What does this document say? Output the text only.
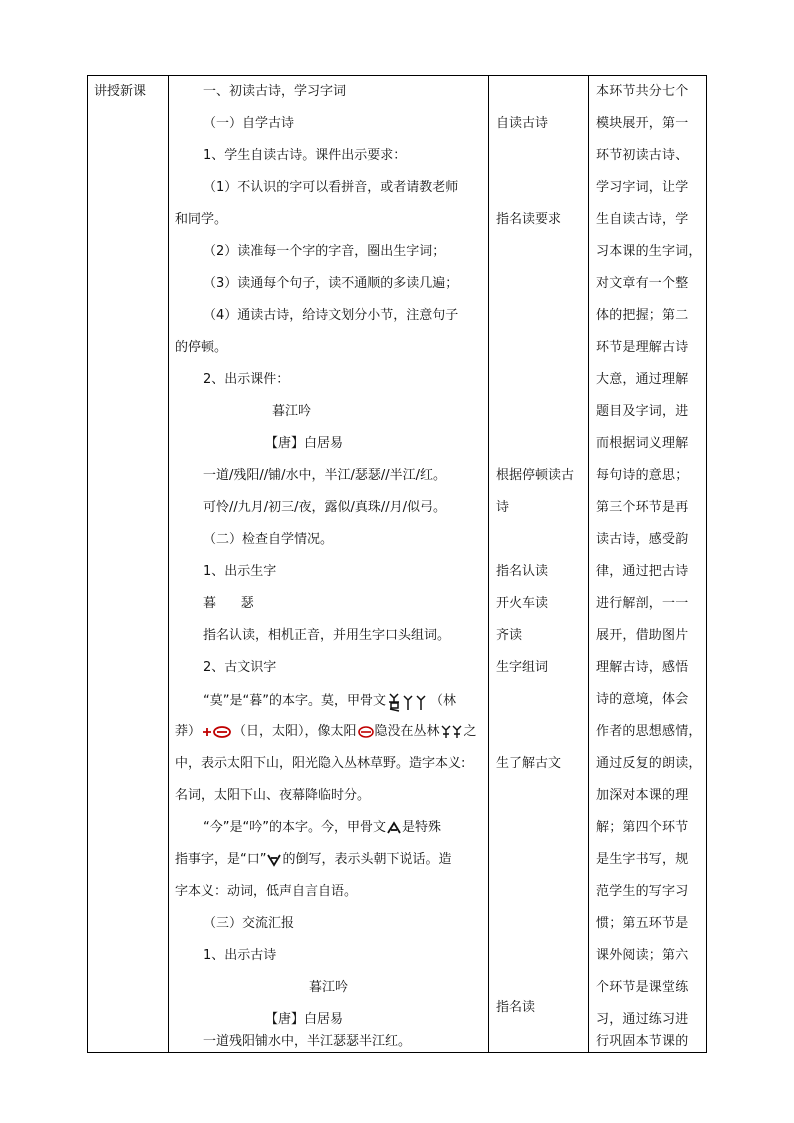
讲授新课	一、初读古诗，学习字词
（一）自学古诗
1、学生自读古诗。课件出示要求：
（1）不认识的字可以看拼音，或者请教老师
和同学。
（2）读准每一个字的字音，圈出生字词；
（3）读通每个句子，读不通顺的多读几遍；
（4）通读古诗，给诗文划分小节，注意句子
的停顿。
2、出示课件：
暮江吟
【唐】白居易
一道/残阳//铺/水中，半江/瑟瑟//半江/红。
可怜//九月/初三/夜，露似/真珠//月/似弓。
（二）检查自学情况。
1、出示生字
暮      瑟
指名认读，相机正音，并用生字口头组词。
2、古文识字
“莫”是“暮”的本字。莫，甲骨文	（林
莽） （日，太阳），像太阳 隐没在丛林 之
中，表示太阳下山，阳光隐入丛林草野。造字本义:
名词，太阳下山、夜幕降临时分。
“今”是“吟”的本字。今，甲骨文 是特殊
指事字，是“口” 的倒写，表示头朝下说话。造
字本义：动词，低声自言自语。
（三）交流汇报
1、出示古诗
暮江吟
【唐】白居易
一道残阳铺水中，半江瑟瑟半江红。
自读古诗
指名读要求
根据停顿读古
诗
指名认读
开火车读
齐读
生字组词
生了解古文
指名读
本环节共分七个
模块展开，第一
环节初读古诗、
学习字词，让学
生自读古诗，学
习本课的生字词，
对文章有一个整
体的把握；第二
环节是理解古诗
大意，通过理解
题目及字词，进
而根据词义理解
每句诗的意思；
第三个环节是再
读古诗，感受韵
律，通过把古诗
进行解剖，一一
展开，借助图片
理解古诗，感悟
诗的意境，体会
作者的思想感情，
通过反复的朗读，
加深对本课的理
解；第四个环节
是生字书写，规
范学生的写字习
惯；第五环节是
课外阅读；第六
个环节是课堂练
习，通过练习进
行巩固本节课的
